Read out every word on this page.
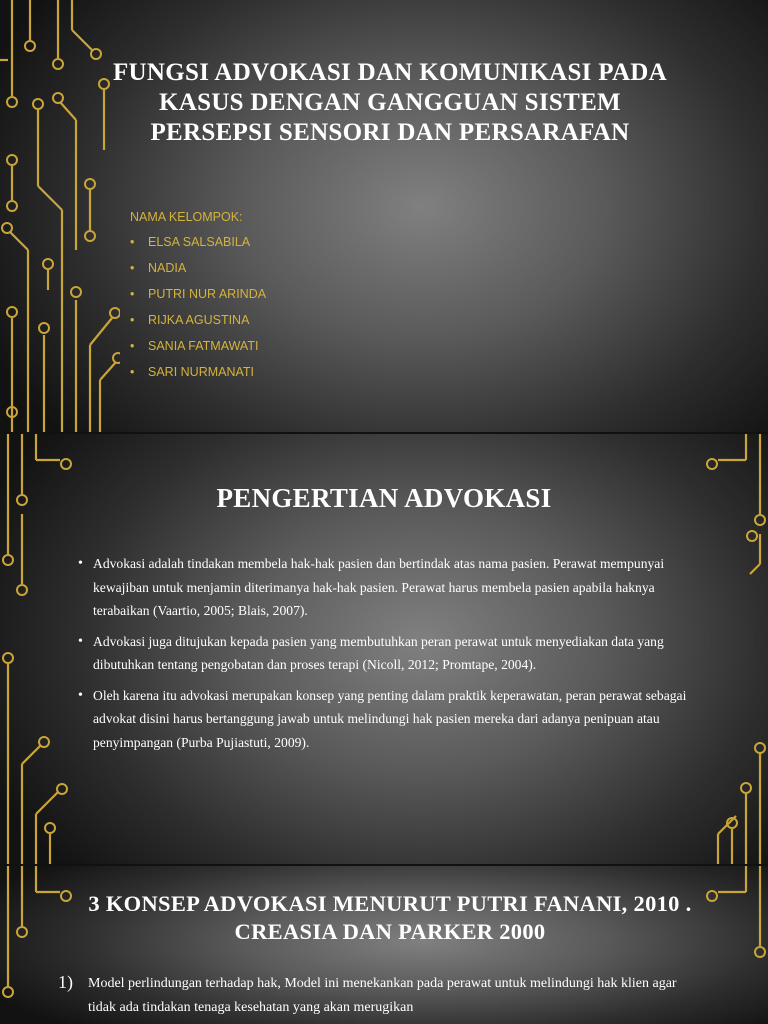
FUNGSI ADVOKASI DAN KOMUNIKASI PADA KASUS DENGAN GANGGUAN SISTEM PERSEPSI SENSORI DAN PERSARAFAN
NAMA KELOMPOK:
• ELSA SALSABILA
• NADIA
• PUTRI NUR ARINDA
• RIJKA AGUSTINA
• SANIA FATMAWATI
• SARI NURMANATI
PENGERTIAN ADVOKASI
• Advokasi adalah tindakan membela hak-hak pasien dan bertindak atas nama pasien. Perawat mempunyai kewajiban untuk menjamin diterimanya hak-hak pasien. Perawat harus membela pasien apabila haknya terabaikan (Vaartio, 2005; Blais, 2007).
• Advokasi juga ditujukan kepada pasien yang membutuhkan peran perawat untuk menyediakan data yang dibutuhkan tentang pengobatan dan proses terapi (Nicoll, 2012; Promtape, 2004).
• Oleh karena itu advokasi merupakan konsep yang penting dalam praktik keperawatan, peran perawat sebagai advokat disini harus bertanggung jawab untuk melindungi hak pasien mereka dari adanya penipuan atau penyimpangan (Purba Pujiastuti, 2009).
3 KONSEP ADVOKASI MENURUT PUTRI FANANI, 2010 . CREASIA DAN PARKER 2000
1) Model perlindungan terhadap hak, Model ini menekankan pada perawat untuk melindungi hak klien agar tidak ada tindakan tenaga kesehatan yang akan merugikan
